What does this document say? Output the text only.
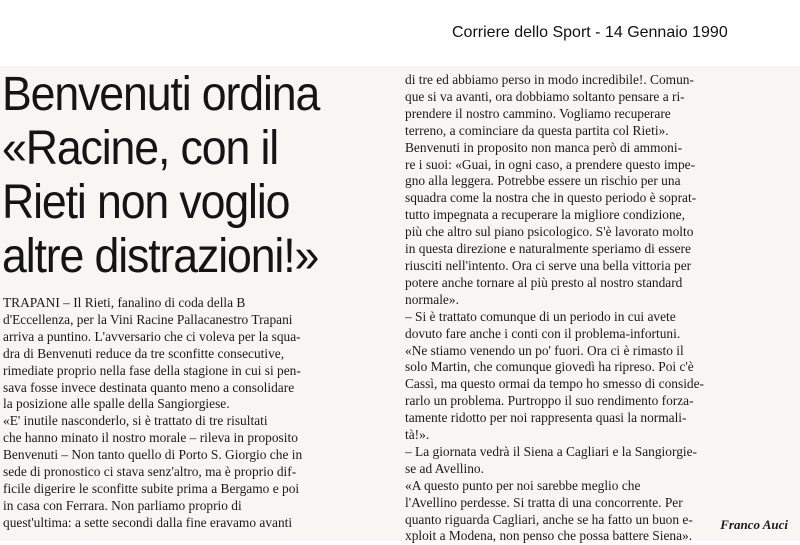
Corriere dello Sport - 14 Gennaio 1990
Benvenuti ordina
«Racine, con il
Rieti non voglio
altre distrazioni!»
TRAPANI – Il Rieti, fanalino di coda della B
d'Eccellenza, per la Vini Racine Pallacanestro Trapani
arriva a puntino. L'avversario che ci voleva per la squa-
dra di Benvenuti reduce da tre sconfitte consecutive,
rimediate proprio nella fase della stagione in cui si pen-
sava fosse invece destinata quanto meno a consolidare
la posizione alle spalle della Sangiorgiese.
«E' inutile nasconderlo, si è trattato di tre risultati
che hanno minato il nostro morale – rileva in proposito
Benvenuti – Non tanto quello di Porto S. Giorgio che in
sede di pronostico ci stava senz'altro, ma è proprio dif-
ficile digerire le sconfitte subite prima a Bergamo e poi
in casa con Ferrara. Non parliamo proprio di
quest'ultima: a sette secondi dalla fine eravamo avanti
di tre ed abbiamo perso in modo incredibile!. Comun-
que si va avanti, ora dobbiamo soltanto pensare a ri-
prendere il nostro cammino. Vogliamo recuperare
terreno, a cominciare da questa partita col Rieti».
Benvenuti in proposito non manca però di ammoni-
re i suoi: «Guai, in ogni caso, a prendere questo impe-
gno alla leggera. Potrebbe essere un rischio per una
squadra come la nostra che in questo periodo è soprat-
tutto impegnata a recuperare la migliore condizione,
più che altro sul piano psicologico. S'è lavorato molto
in questa direzione e naturalmente speriamo di essere
riusciti nell'intento. Ora ci serve una bella vittoria per
potere anche tornare al più presto al nostro standard
normale».
– Si è trattato comunque di un periodo in cui avete
dovuto fare anche i conti con il problema-infortuni.
«Ne stiamo venendo un po' fuori. Ora ci è rimasto il
solo Martin, che comunque giovedì ha ripreso. Poi c'è
Cassì, ma questo ormai da tempo ho smesso di conside-
rarlo un problema. Purtroppo il suo rendimento forza-
tamente ridotto per noi rappresenta quasi la normali-
tà!».
– La giornata vedrà il Siena a Cagliari e la Sangiorgie-
se ad Avellino.
«A questo punto per noi sarebbe meglio che
l'Avellino perdesse. Si tratta di una concorrente. Per
quanto riguarda Cagliari, anche se ha fatto un buon e-
xploit a Modena, non penso che possa battere Siena».
Franco Auci
